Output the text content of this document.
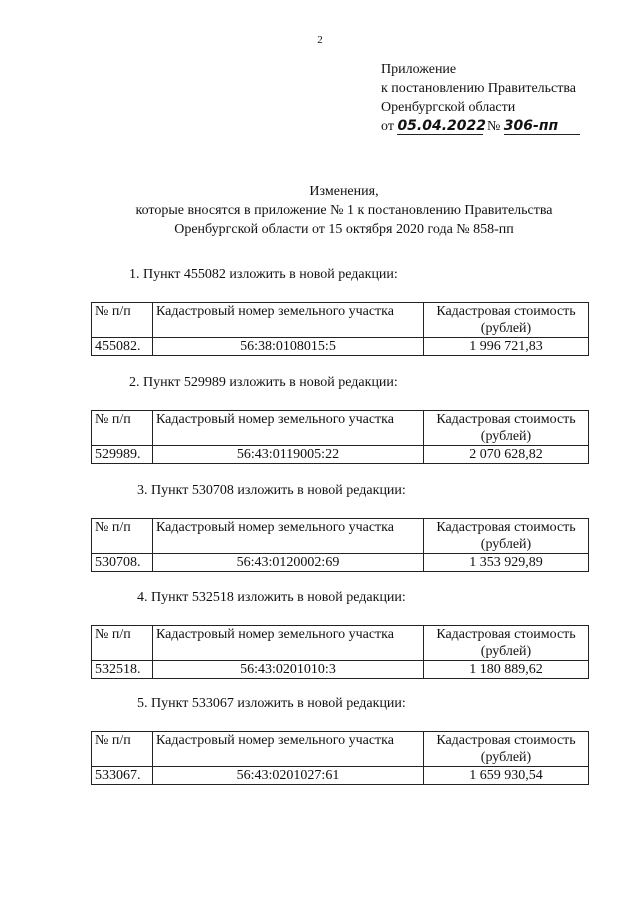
2
Приложение
к постановлению Правительства
Оренбургской области
от 05.04.2022 № 306-пп
Изменения,
которые вносятся в приложение № 1 к постановлению Правительства
Оренбургской области от 15 октября 2020 года № 858-пп
1. Пункт 455082 изложить в новой редакции:
№ п/п	Кадастровый номер земельного участка	Кадастровая стоимость
(рублей)
455082.	56:38:0108015:5	1 996 721,83
2. Пункт 529989 изложить в новой редакции:
№ п/п	Кадастровый номер земельного участка	Кадастровая стоимость
(рублей)
529989.	56:43:0119005:22	2 070 628,82
3. Пункт 530708 изложить в новой редакции:
№ п/п	Кадастровый номер земельного участка	Кадастровая стоимость
(рублей)
530708.	56:43:0120002:69	1 353 929,89
4. Пункт 532518 изложить в новой редакции:
№ п/п	Кадастровый номер земельного участка	Кадастровая стоимость
(рублей)
532518.	56:43:0201010:3	1 180 889,62
5. Пункт 533067 изложить в новой редакции:
№ п/п	Кадастровый номер земельного участка	Кадастровая стоимость
(рублей)
533067.	56:43:0201027:61	1 659 930,54
